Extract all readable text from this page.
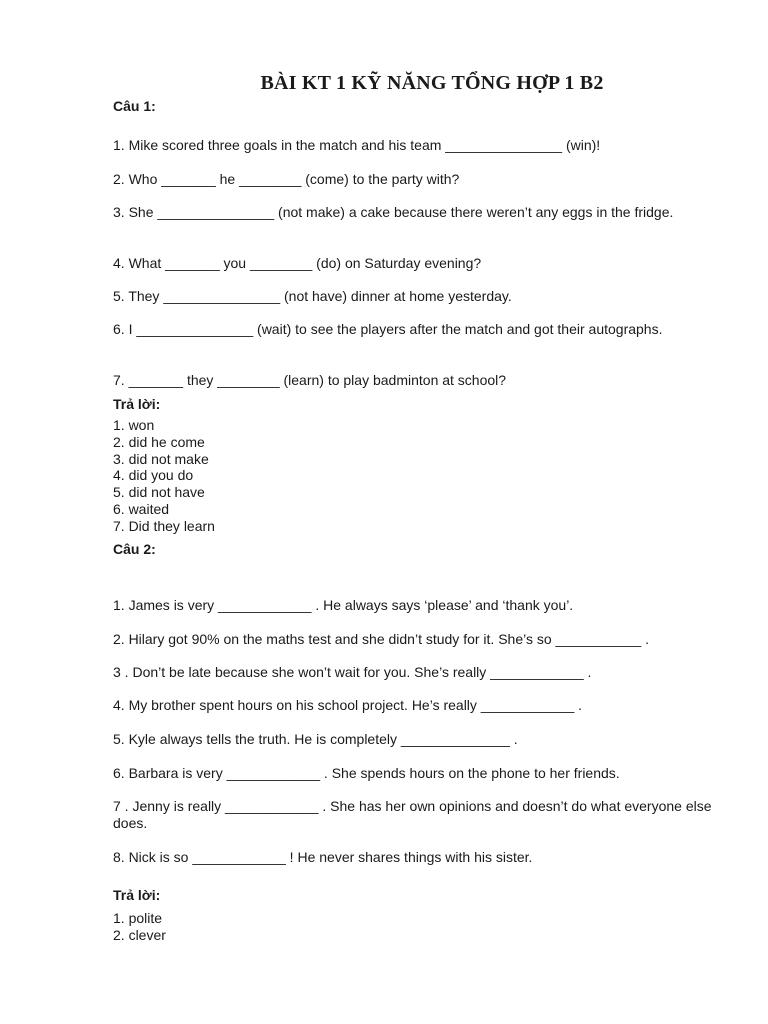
BÀI KT 1 KỸ NĂNG TỔNG HỢP 1 B2
Câu 1:
1. Mike scored three goals in the match and his team _______________ (win)!
2. Who _______ he ________ (come) to the party with?
3. She _______________ (not make) a cake because there weren’t any eggs in the fridge.
4. What _______ you ________ (do) on Saturday evening?
5. They _______________ (not have) dinner at home yesterday.
6. I _______________ (wait) to see the players after the match and got their autographs.
7. _______ they ________ (learn) to play badminton at school?
Trả lời:
1. won
2. did he come
3. did not make
4. did you do
5. did not have
6. waited
7. Did they learn
Câu 2:
1. James is very ____________ . He always says ‘please’ and ‘thank you’.
2. Hilary got 90% on the maths test and she didn’t study for it. She’s so ___________ .
3 . Don’t be late because she won’t wait for you. She’s really ____________ .
4. My brother spent hours on his school project. He’s really ____________ .
5. Kyle always tells the truth. He is completely ______________ .
6. Barbara is very ____________ . She spends hours on the phone to her friends.
7 . Jenny is really ____________ . She has her own opinions and doesn’t do what everyone else does.
8. Nick is so ____________ ! He never shares things with his sister.
Trả lời:
1. polite
2. clever
